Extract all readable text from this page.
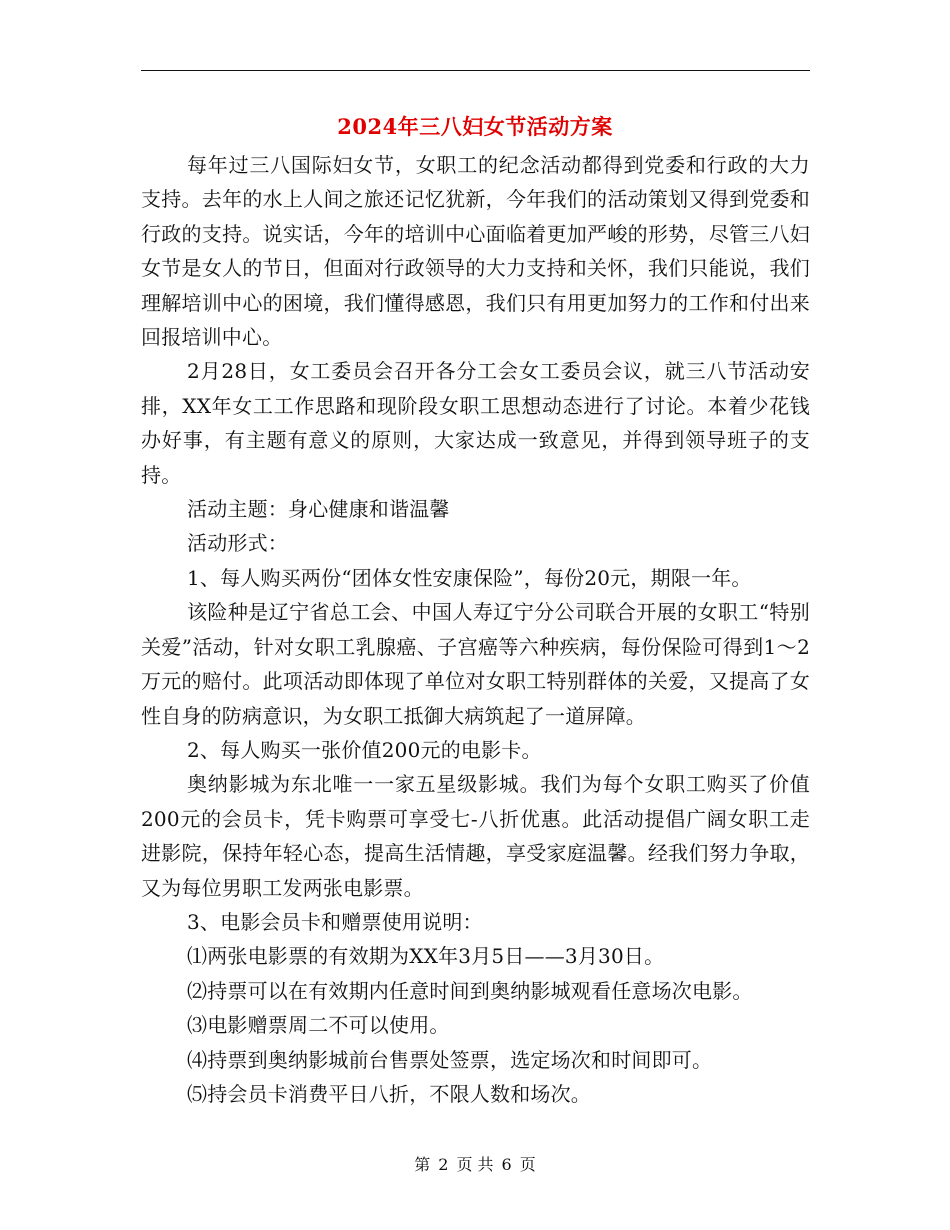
2024年三八妇女节活动方案

每年过三八国际妇女节，女职工的纪念活动都得到党委和行政的大力支持。去年的水上人间之旅还记忆犹新，今年我们的活动策划又得到党委和行政的支持。说实话，今年的培训中心面临着更加严峻的形势，尽管三八妇女节是女人的节日，但面对行政领导的大力支持和关怀，我们只能说，我们理解培训中心的困境，我们懂得感恩，我们只有用更加努力的工作和付出来回报培训中心。

2月28日，女工委员会召开各分工会女工委员会议，就三八节活动安排，XX年女工工作思路和现阶段女职工思想动态进行了讨论。本着少花钱办好事，有主题有意义的原则，大家达成一致意见，并得到领导班子的支持。

活动主题：身心健康和谐温馨

活动形式：

1、每人购买两份“团体女性安康保险”，每份20元，期限一年。

该险种是辽宁省总工会、中国人寿辽宁分公司联合开展的女职工“特别关爱”活动，针对女职工乳腺癌、子宫癌等六种疾病，每份保险可得到1～2万元的赔付。此项活动即体现了单位对女职工特别群体的关爱，又提高了女性自身的防病意识，为女职工抵御大病筑起了一道屏障。

2、每人购买一张价值200元的电影卡。

奥纳影城为东北唯一一家五星级影城。我们为每个女职工购买了价值200元的会员卡，凭卡购票可享受七-八折优惠。此活动提倡广阔女职工走进影院，保持年轻心态，提高生活情趣，享受家庭温馨。经我们努力争取，又为每位男职工发两张电影票。

3、电影会员卡和赠票使用说明：

⑴两张电影票的有效期为XX年3月5日——3月30日。

⑵持票可以在有效期内任意时间到奥纳影城观看任意场次电影。

⑶电影赠票周二不可以使用。

⑷持票到奥纳影城前台售票处签票，选定场次和时间即可。

⑸持会员卡消费平日八折，不限人数和场次。

第 2 页 共 6 页
